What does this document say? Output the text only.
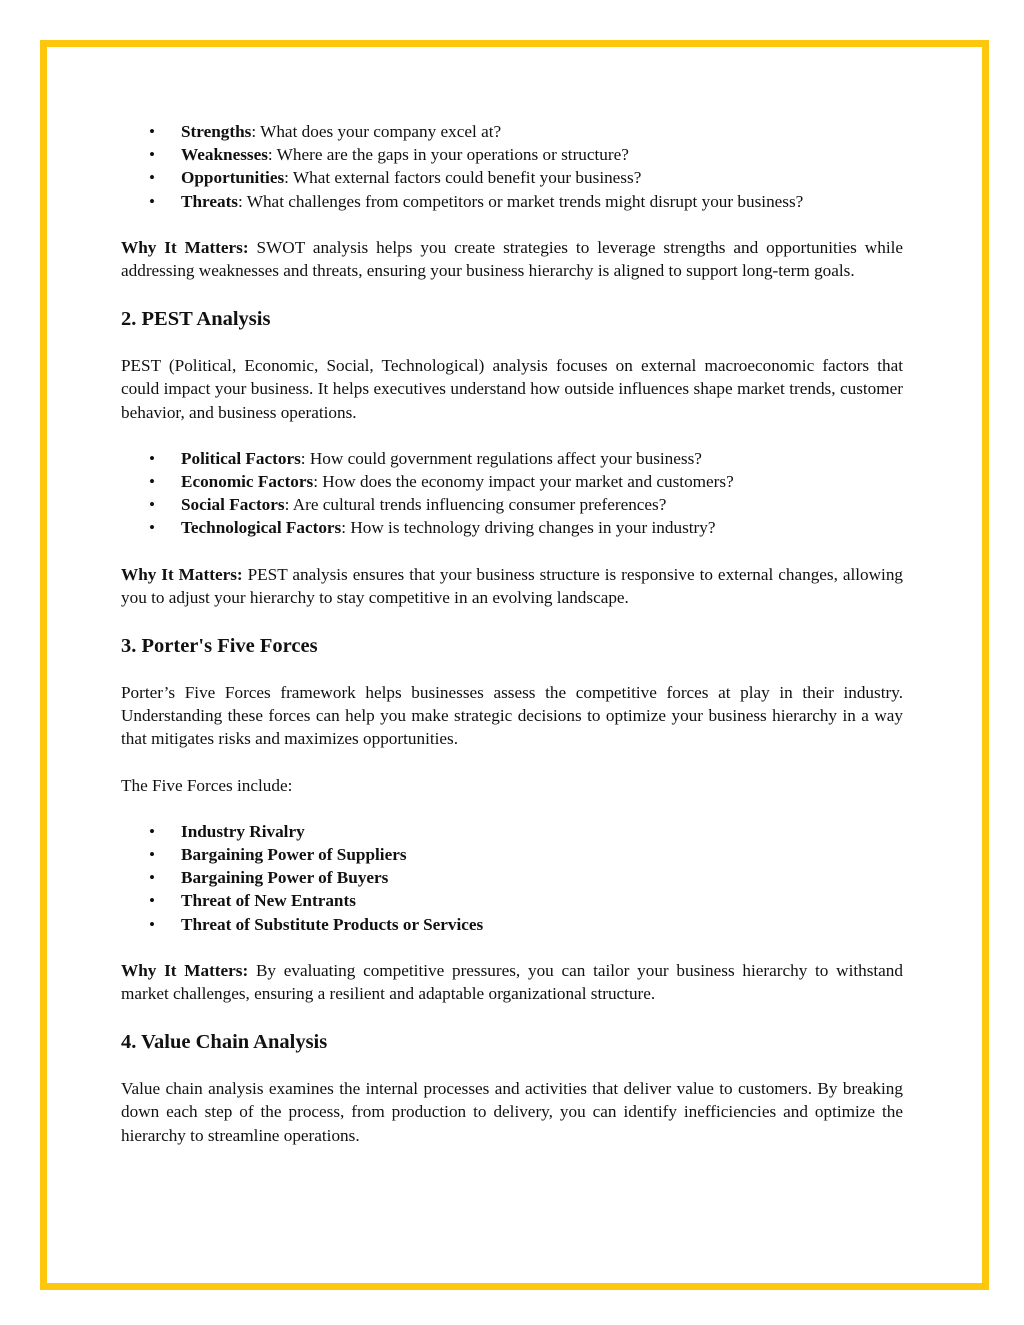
• Strengths: What does your company excel at?
• Weaknesses: Where are the gaps in your operations or structure?
• Opportunities: What external factors could benefit your business?
• Threats: What challenges from competitors or market trends might disrupt your business?

Why It Matters: SWOT analysis helps you create strategies to leverage strengths and opportunities while addressing weaknesses and threats, ensuring your business hierarchy is aligned to support long-term goals.

2. PEST Analysis

PEST (Political, Economic, Social, Technological) analysis focuses on external macroeconomic factors that could impact your business. It helps executives understand how outside influences shape market trends, customer behavior, and business operations.

• Political Factors: How could government regulations affect your business?
• Economic Factors: How does the economy impact your market and customers?
• Social Factors: Are cultural trends influencing consumer preferences?
• Technological Factors: How is technology driving changes in your industry?

Why It Matters: PEST analysis ensures that your business structure is responsive to external changes, allowing you to adjust your hierarchy to stay competitive in an evolving landscape.

3. Porter's Five Forces

Porter’s Five Forces framework helps businesses assess the competitive forces at play in their industry. Understanding these forces can help you make strategic decisions to optimize your business hierarchy in a way that mitigates risks and maximizes opportunities.

The Five Forces include:

• Industry Rivalry
• Bargaining Power of Suppliers
• Bargaining Power of Buyers
• Threat of New Entrants
• Threat of Substitute Products or Services

Why It Matters: By evaluating competitive pressures, you can tailor your business hierarchy to withstand market challenges, ensuring a resilient and adaptable organizational structure.

4. Value Chain Analysis

Value chain analysis examines the internal processes and activities that deliver value to customers. By breaking down each step of the process, from production to delivery, you can identify inefficiencies and optimize the hierarchy to streamline operations.
